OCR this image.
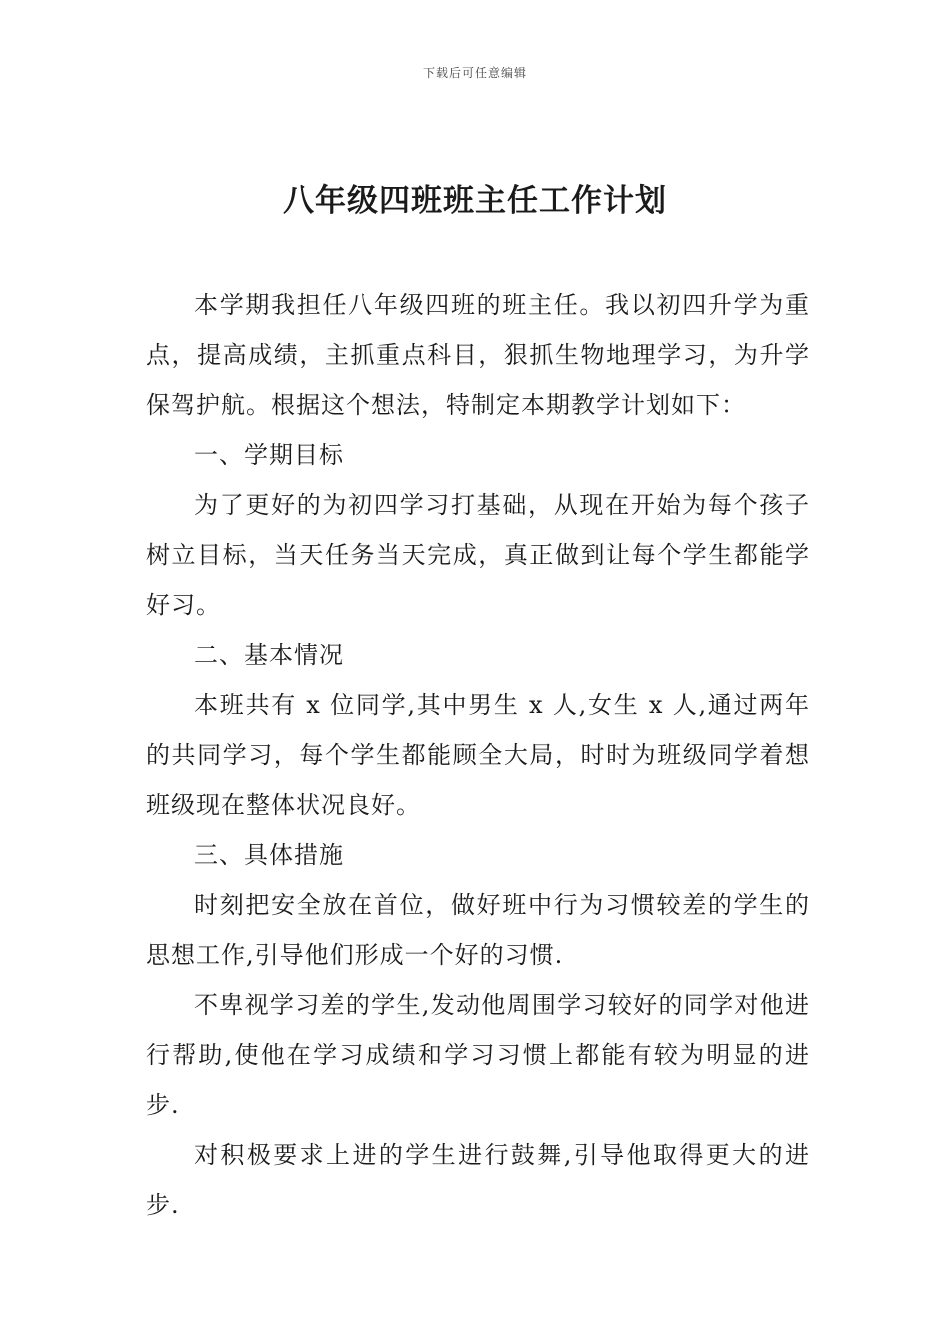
下载后可任意编辑
八年级四班班主任工作计划

本学期我担任八年级四班的班主任。我以初四升学为重点，提高成绩，主抓重点科目，狠抓生物地理学习，为升学保驾护航。根据这个想法，特制定本期教学计划如下：

一、学期目标

为了更好的为初四学习打基础，从现在开始为每个孩子树立目标，当天任务当天完成，真正做到让每个学生都能学好习。

二、基本情况

本班共有 x 位同学,其中男生 x 人,女生 x 人,通过两年的共同学习，每个学生都能顾全大局，时时为班级同学着想班级现在整体状况良好。

三、具体措施

时刻把安全放在首位，做好班中行为习惯较差的学生的思想工作,引导他们形成一个好的习惯.

不卑视学习差的学生,发动他周围学习较好的同学对他进行帮助,使他在学习成绩和学习习惯上都能有较为明显的进步.

对积极要求上进的学生进行鼓舞,引导他取得更大的进步.
